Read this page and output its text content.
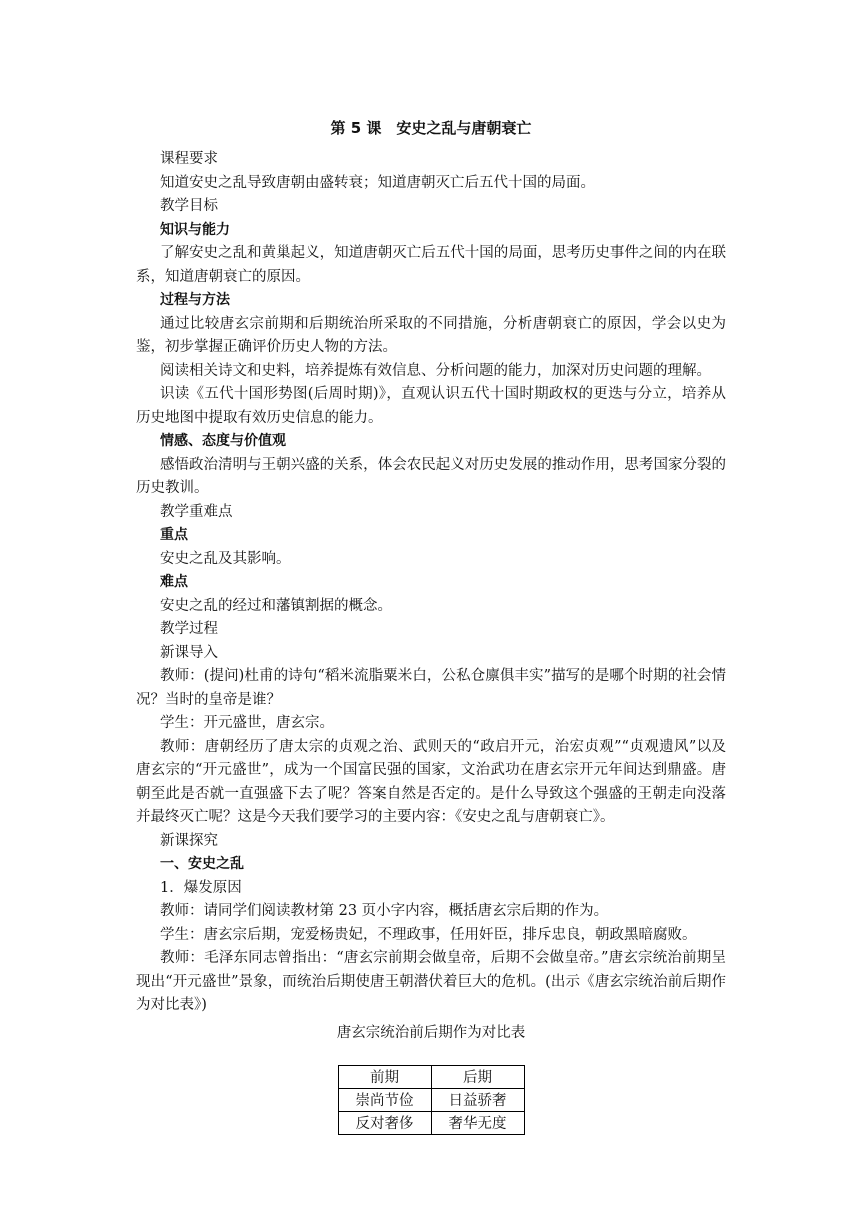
第 5 课　安史之乱与唐朝衰亡

课程要求

知道安史之乱导致唐朝由盛转衰；知道唐朝灭亡后五代十国的局面。

教学目标

知识与能力

了解安史之乱和黄巢起义，知道唐朝灭亡后五代十国的局面，思考历史事件之间的内在联系，知道唐朝衰亡的原因。

过程与方法

通过比较唐玄宗前期和后期统治所采取的不同措施，分析唐朝衰亡的原因，学会以史为鉴，初步掌握正确评价历史人物的方法。

阅读相关诗文和史料，培养提炼有效信息、分析问题的能力，加深对历史问题的理解。

识读《五代十国形势图(后周时期)》，直观认识五代十国时期政权的更迭与分立，培养从历史地图中提取有效历史信息的能力。

情感、态度与价值观

感悟政治清明与王朝兴盛的关系，体会农民起义对历史发展的推动作用，思考国家分裂的历史教训。

教学重难点

重点

安史之乱及其影响。

难点

安史之乱的经过和藩镇割据的概念。

教学过程

新课导入

教师：(提问)杜甫的诗句“稻米流脂粟米白，公私仓廪俱丰实”描写的是哪个时期的社会情况？当时的皇帝是谁？

学生：开元盛世，唐玄宗。

教师：唐朝经历了唐太宗的贞观之治、武则天的“政启开元，治宏贞观”“贞观遗风”以及唐玄宗的“开元盛世”，成为一个国富民强的国家，文治武功在唐玄宗开元年间达到鼎盛。唐朝至此是否就一直强盛下去了呢？答案自然是否定的。是什么导致这个强盛的王朝走向没落并最终灭亡呢？这是今天我们要学习的主要内容：《安史之乱与唐朝衰亡》。

新课探究

一、安史之乱

1．爆发原因

教师：请同学们阅读教材第 23 页小字内容，概括唐玄宗后期的作为。

学生：唐玄宗后期，宠爱杨贵妃，不理政事，任用奸臣，排斥忠良，朝政黑暗腐败。

教师：毛泽东同志曾指出：“唐玄宗前期会做皇帝，后期不会做皇帝。”唐玄宗统治前期呈现出“开元盛世”景象，而统治后期使唐王朝潜伏着巨大的危机。(出示《唐玄宗统治前后期作为对比表》)

唐玄宗统治前后期作为对比表
前期	后期
崇尚节俭	日益骄奢
反对奢侈	奢华无度
